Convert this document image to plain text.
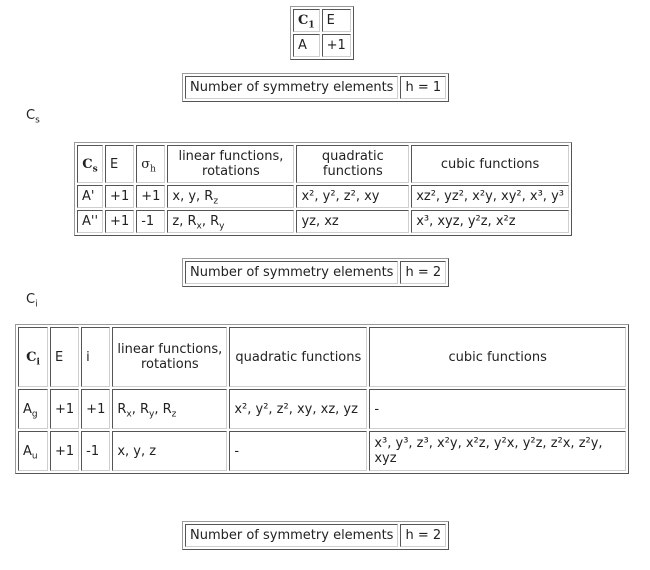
$C_1$	E
A	+1
Number of symmetry elements	h = 1
$C_s$
$C_s$	E	$\sigma_h$	linear functions, rotations	quadratic functions	cubic functions
A'	+1	+1	x, y, $R_z$	x², y², z², xy	xz², yz², x²y, xy², x³, y³
A''	+1	-1	z, $R_x$, $R_y$	yz, xz	x³, xyz, y²z, x²z
Number of symmetry elements	h = 2
$C_i$
$C_i$	E	i	linear functions, rotations	quadratic functions	cubic functions
$A_g$	+1	+1	$R_x$, $R_y$, $R_z$	x², y², z², xy, xz, yz	-
$A_u$	+1	-1	x, y, z	-	x³, y³, z³, x²y, x²z, y²x, y²z, z²x, z²y, xyz
Number of symmetry elements	h = 2
